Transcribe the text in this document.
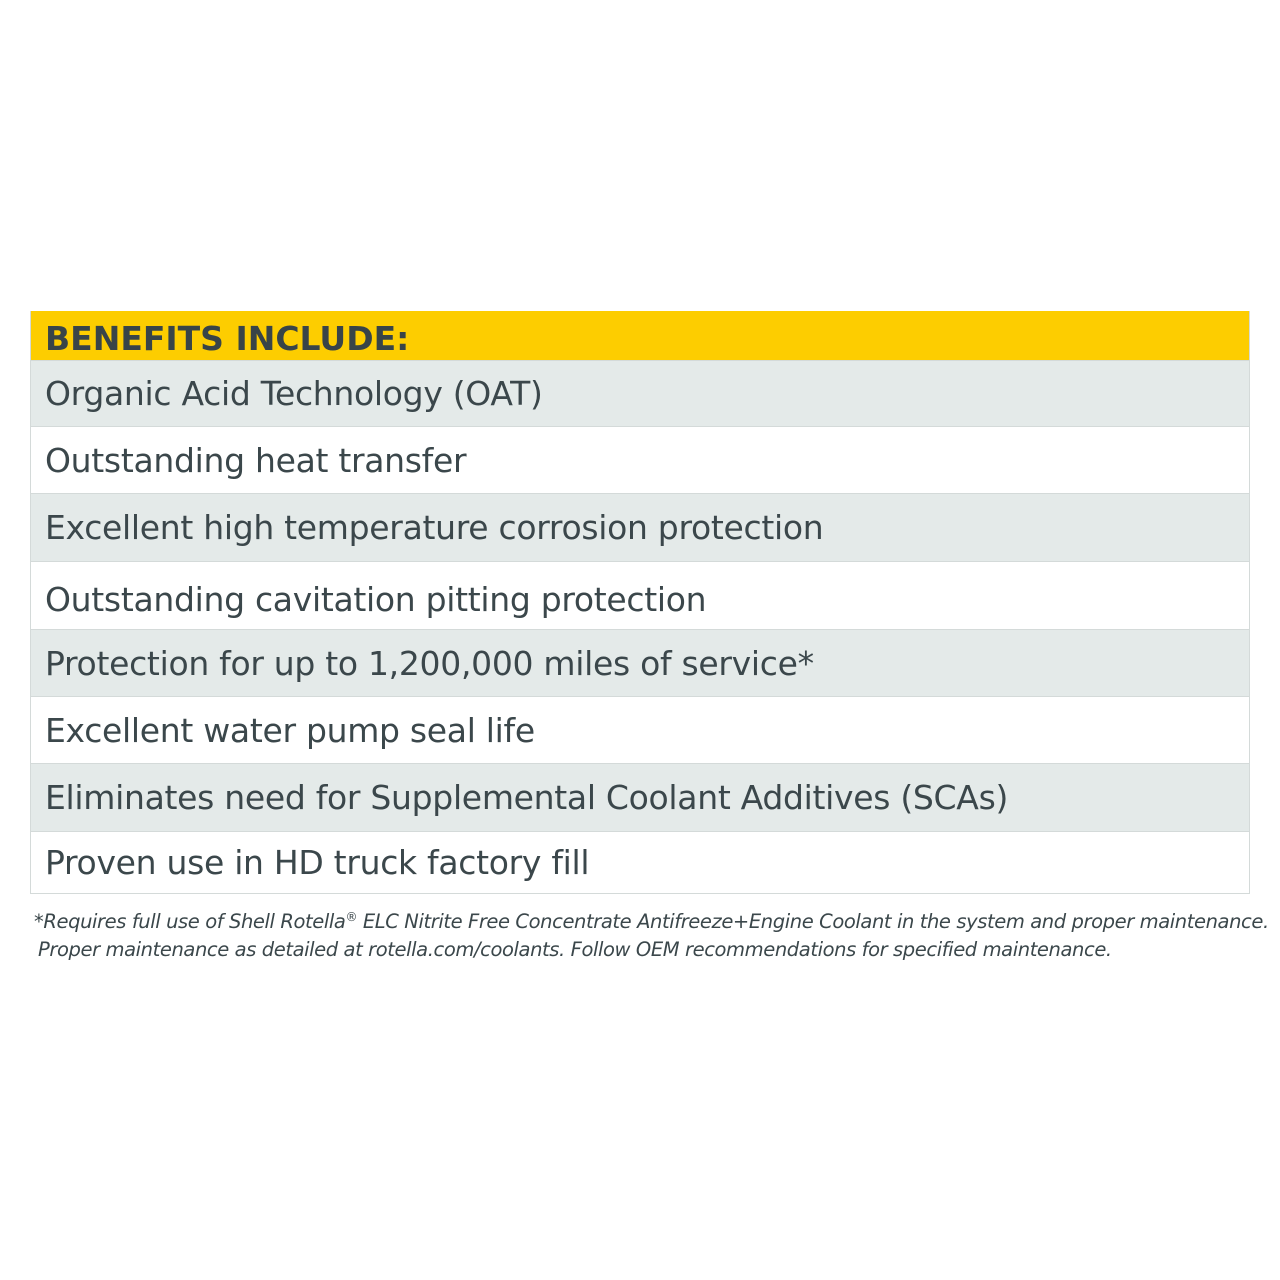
BENEFITS INCLUDE:
Organic Acid Technology (OAT)
Outstanding heat transfer
Excellent high temperature corrosion protection
Outstanding cavitation pitting protection
Protection for up to 1,200,000 miles of service*
Excellent water pump seal life
Eliminates need for Supplemental Coolant Additives (SCAs)
Proven use in HD truck factory fill
*Requires full use of Shell Rotella® ELC Nitrite Free Concentrate Antifreeze+Engine Coolant in the system and proper maintenance.
Proper maintenance as detailed at rotella.com/coolants. Follow OEM recommendations for specified maintenance.
